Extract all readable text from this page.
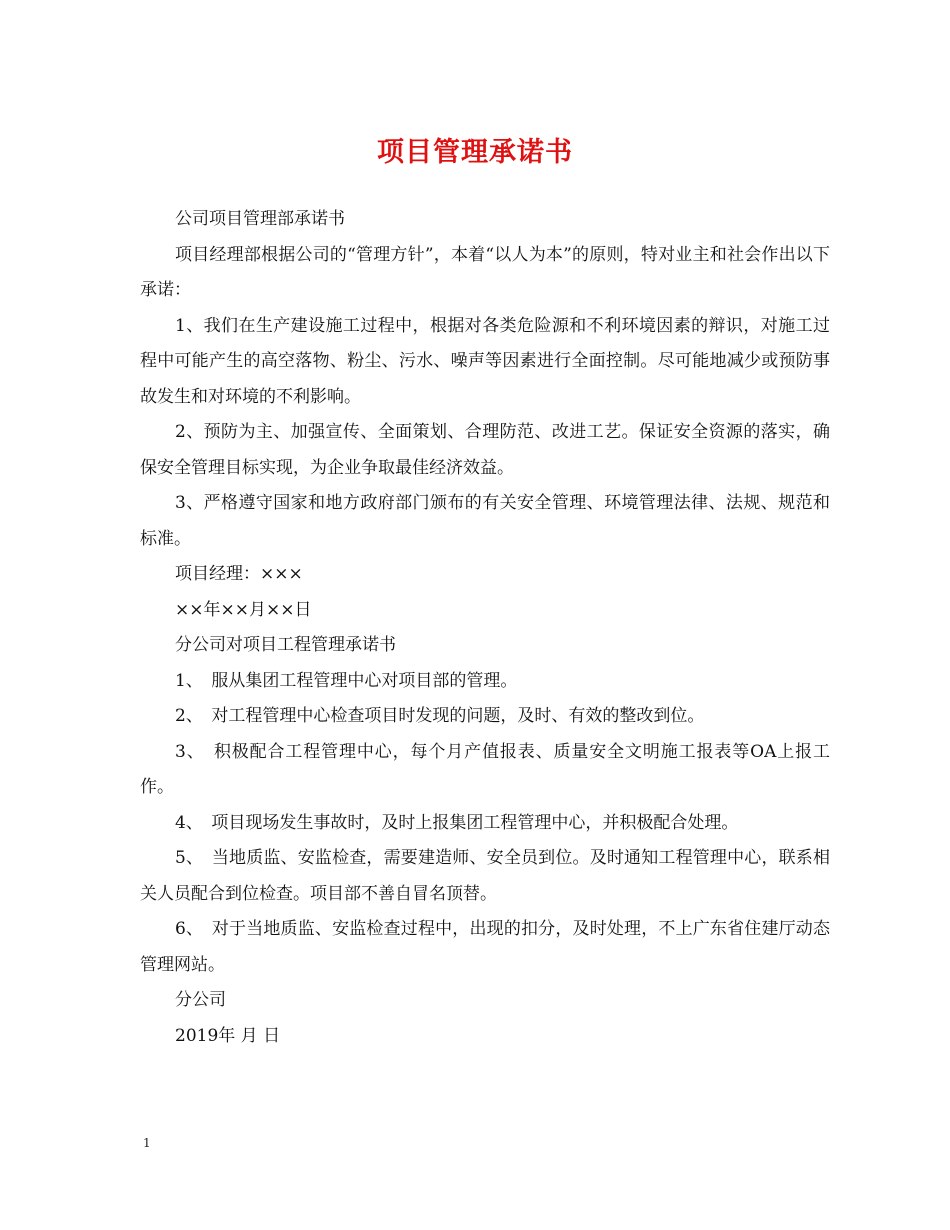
项目管理承诺书

公司项目管理部承诺书

项目经理部根据公司的“管理方针”，本着“以人为本”的原则，特对业主和社会作出以下承诺：

1、我们在生产建设施工过程中，根据对各类危险源和不利环境因素的辩识，对施工过程中可能产生的高空落物、粉尘、污水、噪声等因素进行全面控制。尽可能地减少或预防事故发生和对环境的不利影响。

2、预防为主、加强宣传、全面策划、合理防范、改进工艺。保证安全资源的落实，确保安全管理目标实现，为企业争取最佳经济效益。

3、严格遵守国家和地方政府部门颁布的有关安全管理、环境管理法律、法规、规范和标准。

项目经理：×××

××年××月××日

分公司对项目工程管理承诺书

1、　服从集团工程管理中心对项目部的管理。

2、　对工程管理中心检查项目时发现的问题，及时、有效的整改到位。

3、　积极配合工程管理中心，每个月产值报表、质量安全文明施工报表等OA上报工作。

4、　项目现场发生事故时，及时上报集团工程管理中心，并积极配合处理。

5、　当地质监、安监检查，需要建造师、安全员到位。及时通知工程管理中心，联系相关人员配合到位检查。项目部不善自冒名顶替。

6、　对于当地质监、安监检查过程中，出现的扣分，及时处理，不上广东省住建厅动态管理网站。

分公司

2019年 月 日

1
